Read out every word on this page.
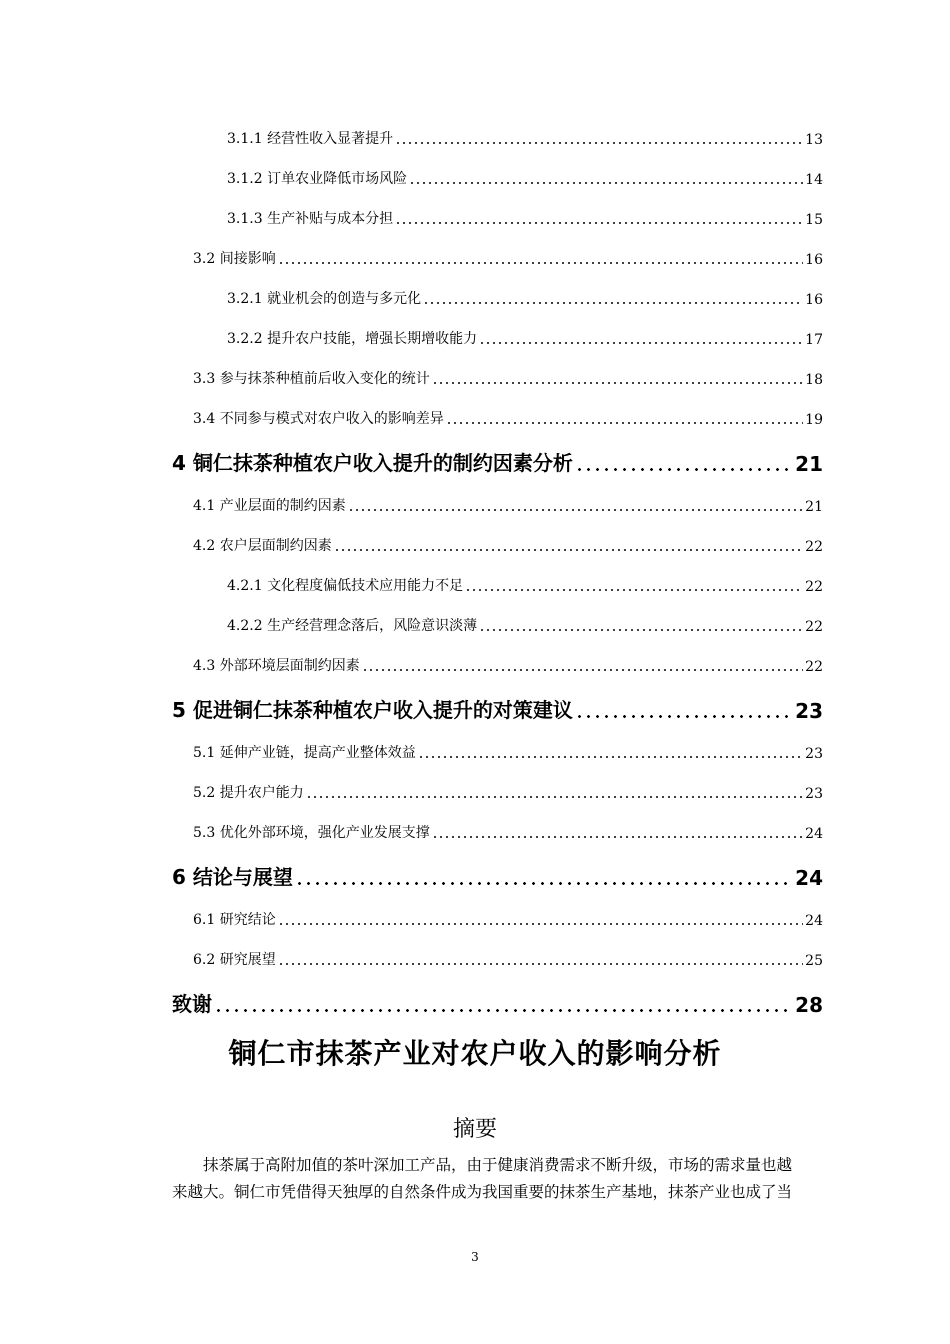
3.1.1 经营性收入显著提升	13
3.1.2 订单农业降低市场风险	14
3.1.3 生产补贴与成本分担	15
3.2 间接影响	16
3.2.1 就业机会的创造与多元化	16
3.2.2 提升农户技能，增强长期增收能力	17
3.3 参与抹茶种植前后收入变化的统计	18
3.4 不同参与模式对农户收入的影响差异	19
4 铜仁抹茶种植农户收入提升的制约因素分析	21
4.1 产业层面的制约因素	21
4.2 农户层面制约因素	22
4.2.1 文化程度偏低技术应用能力不足	22
4.2.2 生产经营理念落后，风险意识淡薄	22
4.3 外部环境层面制约因素	22
5 促进铜仁抹茶种植农户收入提升的对策建议	23
5.1 延伸产业链，提高产业整体效益	23
5.2 提升农户能力	23
5.3 优化外部环境，强化产业发展支撑	24
6 结论与展望	24
6.1 研究结论	24
6.2 研究展望	25
致谢	28
铜仁市抹茶产业对农户收入的影响分析
摘要
抹茶属于高附加值的茶叶深加工产品，由于健康消费需求不断升级，市场的需求量也越
来越大。铜仁市凭借得天独厚的自然条件成为我国重要的抹茶生产基地，抹茶产业也成了当
3
